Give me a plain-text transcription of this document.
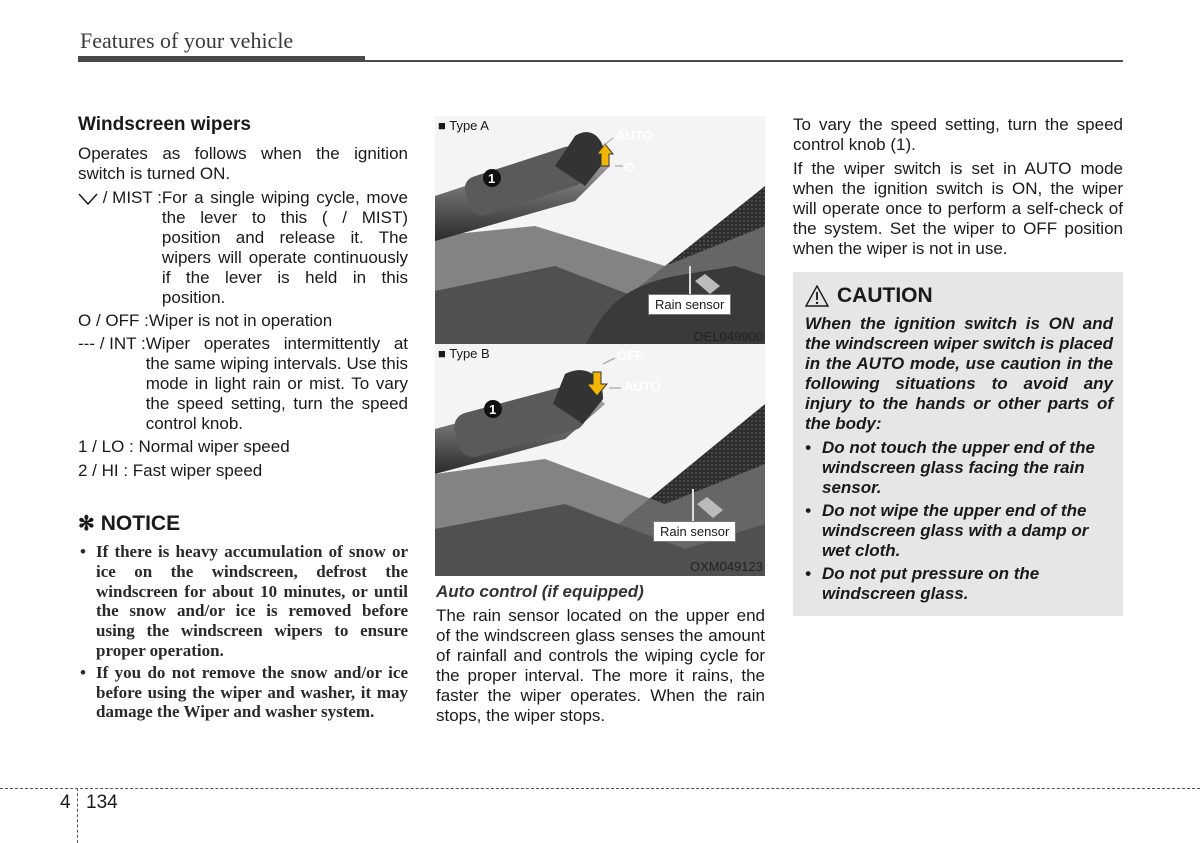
Features of your vehicle
Windscreen wipers

Operates as follows when the ignition switch is turned ON.

/ MIST : For a single wiping cycle, move the lever to this ( / MIST) position and release it. The wipers will operate continuously if the lever is held in this position.
O / OFF : Wiper is not in operation
--- / INT : Wiper operates intermittently at the same wiping intervals. Use this mode in light rain or mist. To vary the speed setting, turn the speed control knob.

1 / LO : Normal wiper speed

2 / HI : Fast wiper speed

✻ NOTICE
• If there is heavy accumulation of snow or ice on the windscreen, defrost the windscreen for about 10 minutes, or until the snow and/or ice is removed before using the windscreen wipers to ensure proper operation.
• If you do not remove the snow and/or ice before using the wiper and washer, it may damage the Wiper and washer system.
1
■ Type A
AUTO
O
Rain sensor
OEL049900
1
■ Type B	OFF
AUTO
Rain sensor
OXM049123
Auto control (if equipped)

The rain sensor located on the upper end of the windscreen glass senses the amount of rainfall and controls the wiping cycle for the proper interval. The more it rains, the faster the wiper operates. When the rain stops, the wiper stops.

To vary the speed setting, turn the speed control knob (1).

If the wiper switch is set in AUTO mode when the ignition switch is ON, the wiper will operate once to perform a self-check of the system. Set the wiper to OFF position when the wiper is not in use.

CAUTION

When the ignition switch is ON and the windscreen wiper switch is placed in the AUTO mode, use caution in the following situations to avoid any injury to the hands or other parts of the body:

• Do not touch the upper end of the windscreen glass facing the rain sensor.
• Do not wipe the upper end of the windscreen glass with a damp or wet cloth.
• Do not put pressure on the windscreen glass.
4 134
